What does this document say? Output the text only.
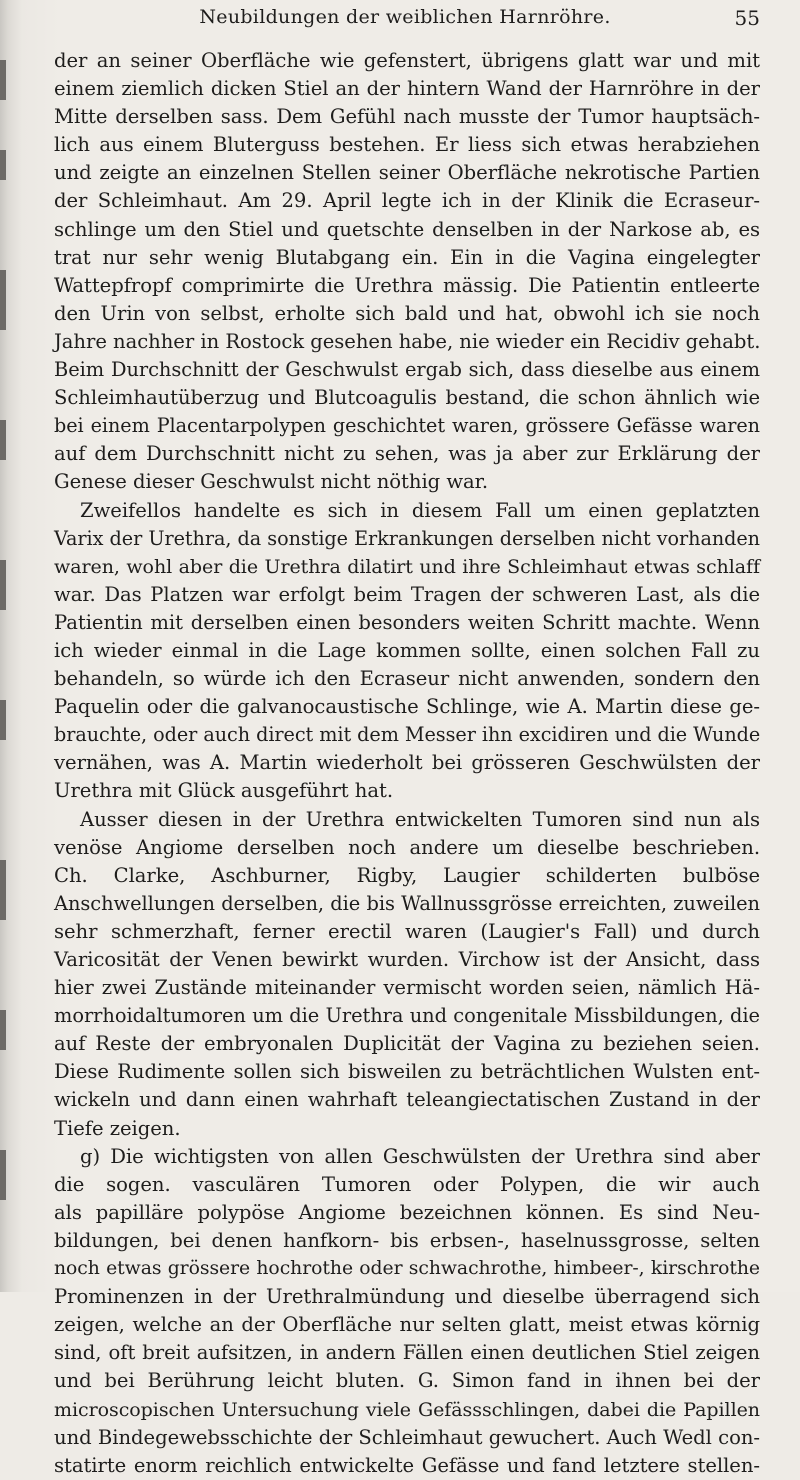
Neubildungen der weiblichen Harnröhre.	55
der an seiner Oberfläche wie gefenstert, übrigens glatt war und mit
einem ziemlich dicken Stiel an der hintern Wand der Harnröhre in der
Mitte derselben sass. Dem Gefühl nach musste der Tumor hauptsäch-
lich aus einem Bluterguss bestehen. Er liess sich etwas herabziehen
und zeigte an einzelnen Stellen seiner Oberfläche nekrotische Partien
der Schleimhaut. Am 29. April legte ich in der Klinik die Ecraseur-
schlinge um den Stiel und quetschte denselben in der Narkose ab, es
trat nur sehr wenig Blutabgang ein. Ein in die Vagina eingelegter
Wattepfropf comprimirte die Urethra mässig. Die Patientin entleerte
den Urin von selbst, erholte sich bald und hat, obwohl ich sie noch
Jahre nachher in Rostock gesehen habe, nie wieder ein Recidiv gehabt.
Beim Durchschnitt der Geschwulst ergab sich, dass dieselbe aus einem
Schleimhautüberzug und Blutcoagulis bestand, die schon ähnlich wie
bei einem Placentarpolypen geschichtet waren, grössere Gefässe waren
auf dem Durchschnitt nicht zu sehen, was ja aber zur Erklärung der
Genese dieser Geschwulst nicht nöthig war.
Zweifellos handelte es sich in diesem Fall um einen geplatzten
Varix der Urethra, da sonstige Erkrankungen derselben nicht vorhanden
waren, wohl aber die Urethra dilatirt und ihre Schleimhaut etwas schlaff
war. Das Platzen war erfolgt beim Tragen der schweren Last, als die
Patientin mit derselben einen besonders weiten Schritt machte. Wenn
ich wieder einmal in die Lage kommen sollte, einen solchen Fall zu
behandeln, so würde ich den Ecraseur nicht anwenden, sondern den
Paquelin oder die galvanocaustische Schlinge, wie A. Martin diese ge-
brauchte, oder auch direct mit dem Messer ihn excidiren und die Wunde
vernähen, was A. Martin wiederholt bei grösseren Geschwülsten der
Urethra mit Glück ausgeführt hat.
Ausser diesen in der Urethra entwickelten Tumoren sind nun als
venöse Angiome derselben noch andere um dieselbe beschrieben.
Ch. Clarke, Aschburner, Rigby, Laugier schilderten bulböse
Anschwellungen derselben, die bis Wallnussgrösse erreichten, zuweilen
sehr schmerzhaft, ferner erectil waren (Laugier's Fall) und durch
Varicosität der Venen bewirkt wurden. Virchow ist der Ansicht, dass
hier zwei Zustände miteinander vermischt worden seien, nämlich Hä-
morrhoidaltumoren um die Urethra und congenitale Missbildungen, die
auf Reste der embryonalen Duplicität der Vagina zu beziehen seien.
Diese Rudimente sollen sich bisweilen zu beträchtlichen Wulsten ent-
wickeln und dann einen wahrhaft teleangiectatischen Zustand in der
Tiefe zeigen.
g) Die wichtigsten von allen Geschwülsten der Urethra sind aber
die sogen. vasculären Tumoren oder Polypen, die wir auch
als papilläre polypöse Angiome bezeichnen können. Es sind Neu-
bildungen, bei denen hanfkorn- bis erbsen-, haselnussgrosse, selten
noch etwas grössere hochrothe oder schwachrothe, himbeer-, kirschrothe
Prominenzen in der Urethralmündung und dieselbe überragend sich
zeigen, welche an der Oberfläche nur selten glatt, meist etwas körnig
sind, oft breit aufsitzen, in andern Fällen einen deutlichen Stiel zeigen
und bei Berührung leicht bluten. G. Simon fand in ihnen bei der
microscopischen Untersuchung viele Gefässschlingen, dabei die Papillen
und Bindegewebsschichte der Schleimhaut gewuchert. Auch Wedl con-
statirte enorm reichlich entwickelte Gefässe und fand letztere stellen-
